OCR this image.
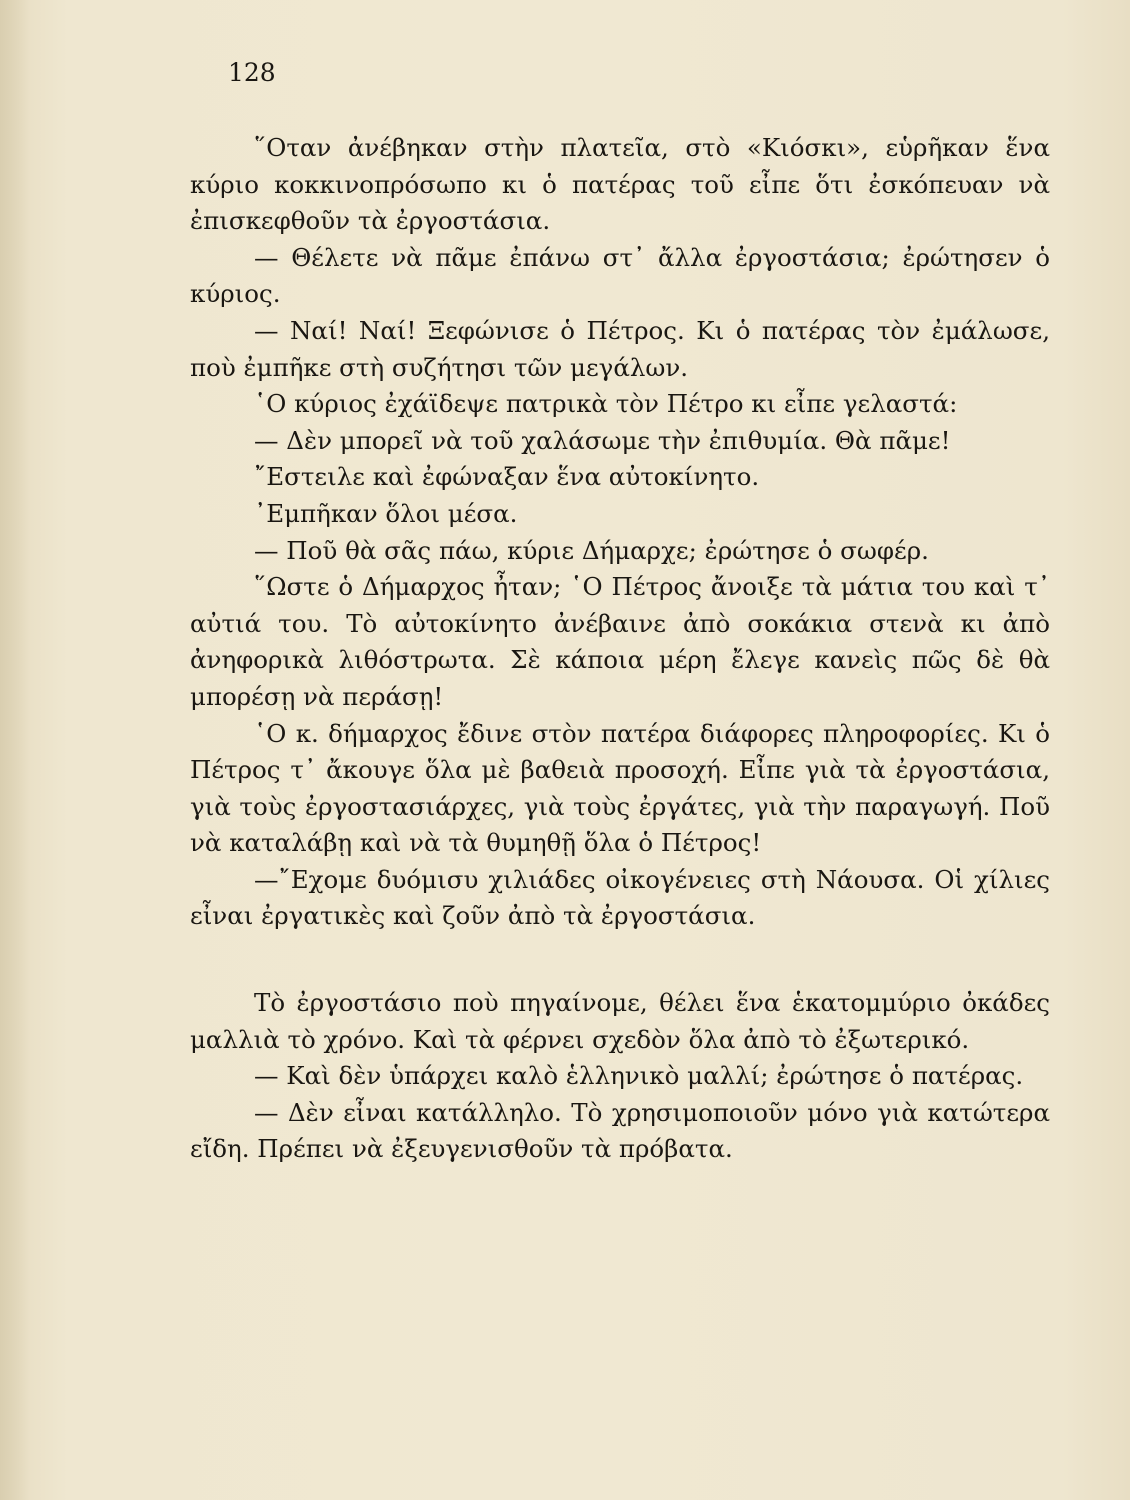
128

῞Οταν ἀνέβηκαν στὴν πλατεῖα, στὸ «Κιόσκι», εὑρῆκαν ἕνα κύριο κοκκινοπρόσωπο κι ὁ πατέρας τοῦ εἶπε ὅτι ἐσκόπευαν νὰ ἐπισκεφθοῦν τὰ ἐργοστάσια.

— Θέλετε νὰ πᾶμε ἐπάνω στ᾽ ἄλλα ἐργοστάσια; ἐρώτησεν ὁ κύριος.

— Ναί! Ναί! Ξεφώνισε ὁ Πέτρος. Κι ὁ πατέρας τὸν ἐμάλωσε, ποὺ ἐμπῆκε στὴ συζήτησι τῶν μεγάλων.

῾Ο κύριος ἐχάϊδεψε πατρικὰ τὸν Πέτρο κι εἶπε γελαστά:

— Δὲν μπορεῖ νὰ τοῦ χαλάσωμε τὴν ἐπιθυμία. Θὰ πᾶμε!

῎Εστειλε καὶ ἐφώναξαν ἕνα αὐτοκίνητο.

᾽Εμπῆκαν ὅλοι μέσα.

— Ποῦ θὰ σᾶς πάω, κύριε Δήμαρχε; ἐρώτησε ὁ σωφέρ.

῞Ωστε ὁ Δήμαρχος ἦταν; ῾Ο Πέτρος ἄνοιξε τὰ μάτια του καὶ τ᾽ αὐτιά του. Τὸ αὐτοκίνητο ἀνέβαινε ἀπὸ σοκάκια στενὰ κι ἀπὸ ἀνηφορικὰ λιθόστρωτα. Σὲ κάποια μέρη ἔλεγε κανεὶς πῶς δὲ θὰ μπορέσῃ νὰ περάσῃ!

῾Ο κ. δήμαρχος ἔδινε στὸν πατέρα διάφορες πληροφορίες. Κι ὁ Πέτρος τ᾽ ἄκουγε ὅλα μὲ βαθειὰ προσοχή. Εἶπε γιὰ τὰ ἐργοστάσια, γιὰ τοὺς ἐργοστασιάρχες, γιὰ τοὺς ἐργάτες, γιὰ τὴν παραγωγή. Ποῦ νὰ καταλάβῃ καὶ νὰ τὰ θυμηθῇ ὅλα ὁ Πέτρος!

—῎Εχομε δυόμισυ χιλιάδες οἰκογένειες στὴ Νάουσα. Οἱ χίλιες εἶναι ἐργατικὲς καὶ ζοῦν ἀπὸ τὰ ἐργοστάσια.

Τὸ ἐργοστάσιο ποὺ πηγαίνομε, θέλει ἕνα ἑκατομμύριο ὀκάδες μαλλιὰ τὸ χρόνο. Καὶ τὰ φέρνει σχεδὸν ὅλα ἀπὸ τὸ ἐξωτερικό.

— Καὶ δὲν ὑπάρχει καλὸ ἑλληνικὸ μαλλί; ἐρώτησε ὁ πατέρας.

— Δὲν εἶναι κατάλληλο. Τὸ χρησιμοποιοῦν μόνο γιὰ κατώτερα εἴδη. Πρέπει νὰ ἐξευγενισθοῦν τὰ πρόβατα.
